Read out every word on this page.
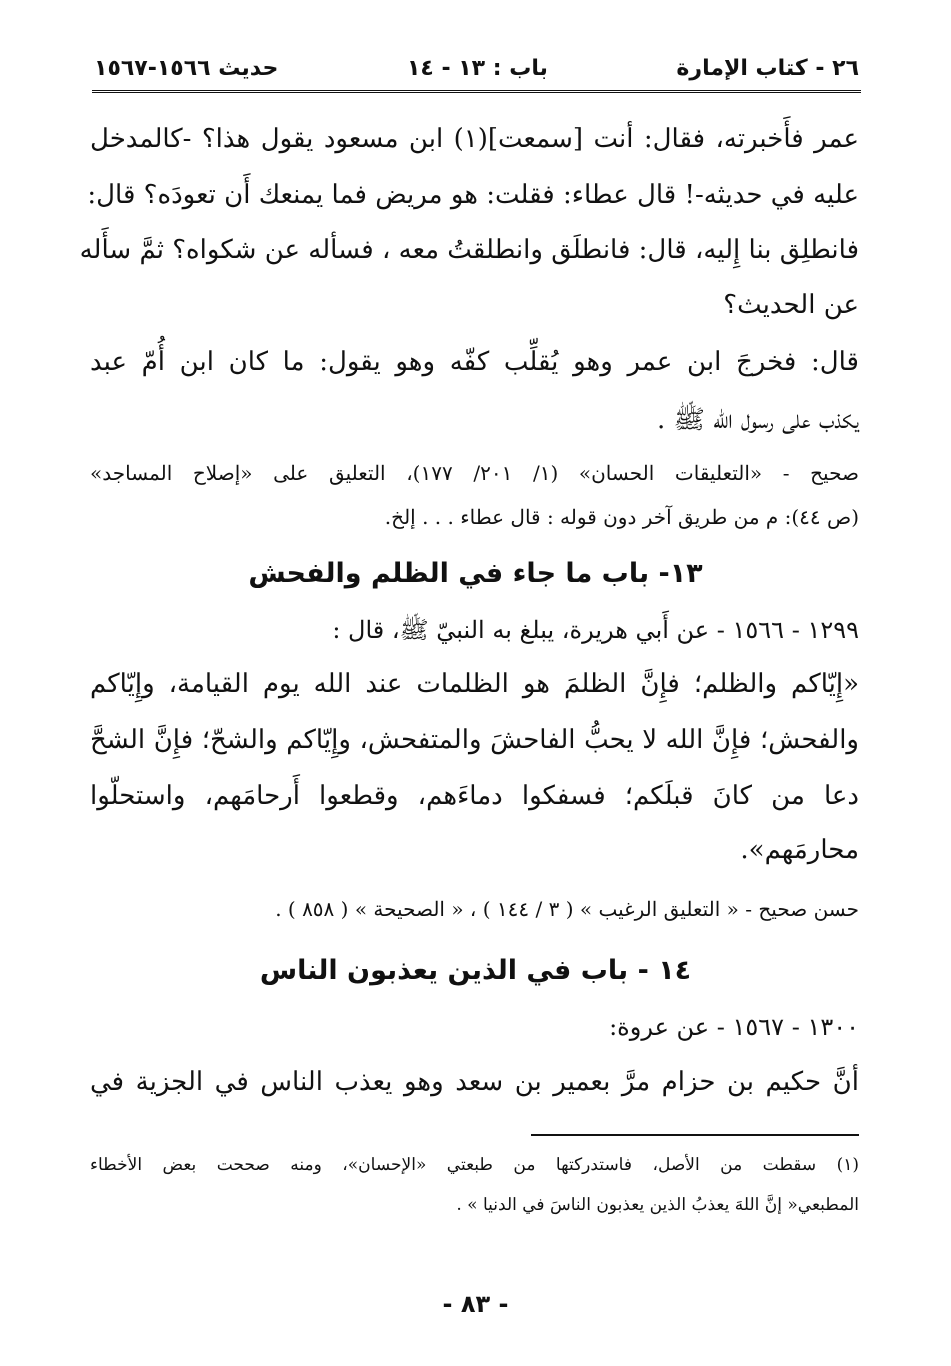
٢٦ - كتاب الإمارة
باب : ١٣ - ١٤
حديث ١٥٦٦-١٥٦٧
عمر فأَخبرته، فقال: أنت [سمعت](١) ابن مسعود يقول هذا؟ -كالمدخل
عليه في حديثه-! قال عطاء: فقلت: هو مريض فما يمنعك أَن تعودَه؟ قال:
فانطلِق بنا إِليه، قال: فانطلَق وانطلقتُ معه ، فسأله عن شكواه؟ ثمَّ سأَله
عن الحديث؟
قال: فخرجَ ابن عمر وهو يُقلِّب كفّه وهو يقول: ما كان ابن أُمّ عبد
يكذب على رسول الله ﷺ .
صحيح - «التعليقات الحسان» (١/ ٢٠١/ ١٧٧)، التعليق على «إصلاح المساجد»
(ص ٤٤): م من طريق آخر دون قوله : قال عطاء . . . إلخ.
١٣- باب ما جاء في الظلم والفحش
١٢٩٩ - ١٥٦٦ - عن أَبي هريرة، يبلغ به النبيّ ﷺ، قال :
«إِيّاكم والظلم؛ فإِنَّ الظلمَ هو الظلمات عند الله يوم القيامة، وإِيّاكم
والفحش؛ فإِنَّ الله لا يحبُّ الفاحشَ والمتفحش، وإِيّاكم والشحّ؛ فإِنَّ الشحَّ
دعا من كانَ قبلَكم؛ فسفكوا دماءَهم، وقطعوا أَرحامَهم، واستحلّوا
محارمَهم».
حسن صحيح - « التعليق الرغيب » ( ٣ / ١٤٤ ) ، « الصحيحة » ( ٨٥٨ ) .
١٤ - باب في الذين يعذبون الناس
١٣٠٠ - ١٥٦٧ - عن عروة:
أنَّ حكيم بن حزام مرَّ بعمير بن سعد وهو يعذب الناس في الجزية في
(١) سقطت من الأصل، فاستدركتها من طبعتي «الإحسان»، ومنه صححت بعض الأخطاء
المطبعي« إنَّ اللهَ يعذبُ الذين يعذبون الناسَ في الدنيا » .
- ٨٣ -
